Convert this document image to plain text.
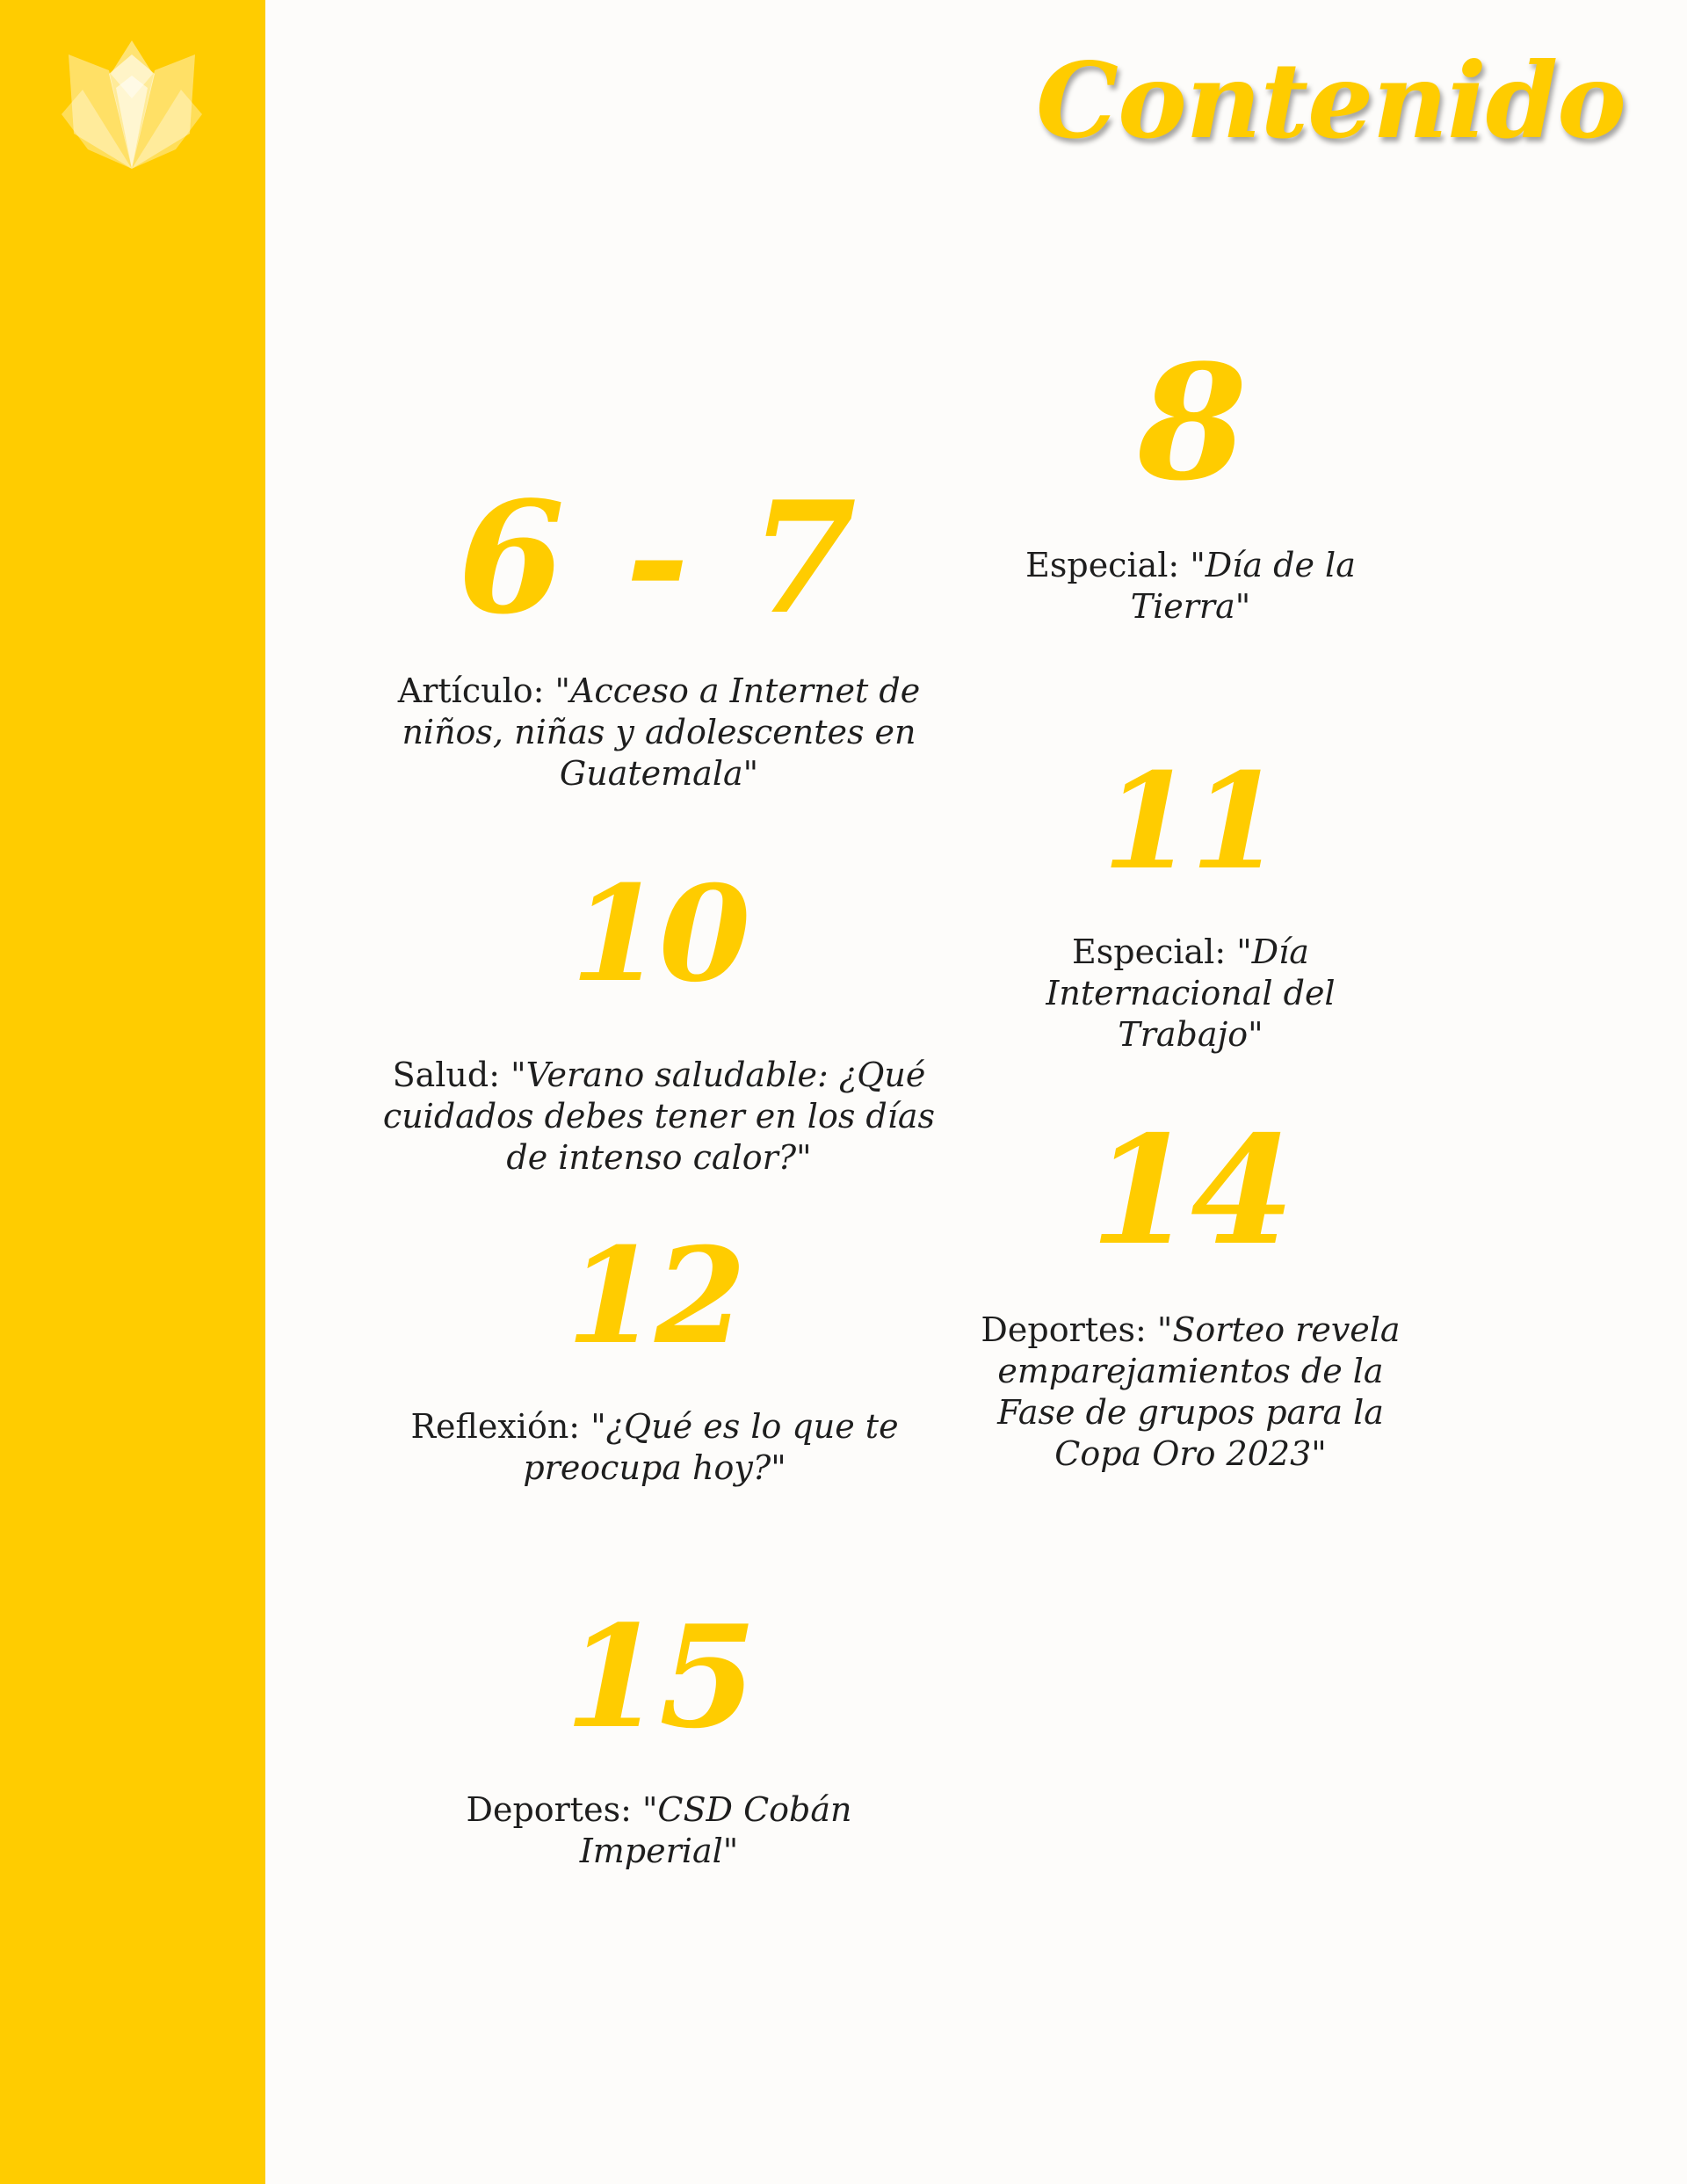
Contenido
6 - 7
Artículo: "Acceso a Internet de niños, niñas y adolescentes en Guatemala"
8
Especial: "Día de la Tierra"
10
Salud: "Verano saludable: ¿Qué cuidados debes tener en los días de intenso calor?"
11
Especial: "Día Internacional del Trabajo"
12
Reflexión: "¿Qué es lo que te preocupa hoy?"
14
Deportes: "Sorteo revela emparejamientos de la Fase de grupos para la Copa Oro 2023"
15
Deportes: "CSD Cobán Imperial"
